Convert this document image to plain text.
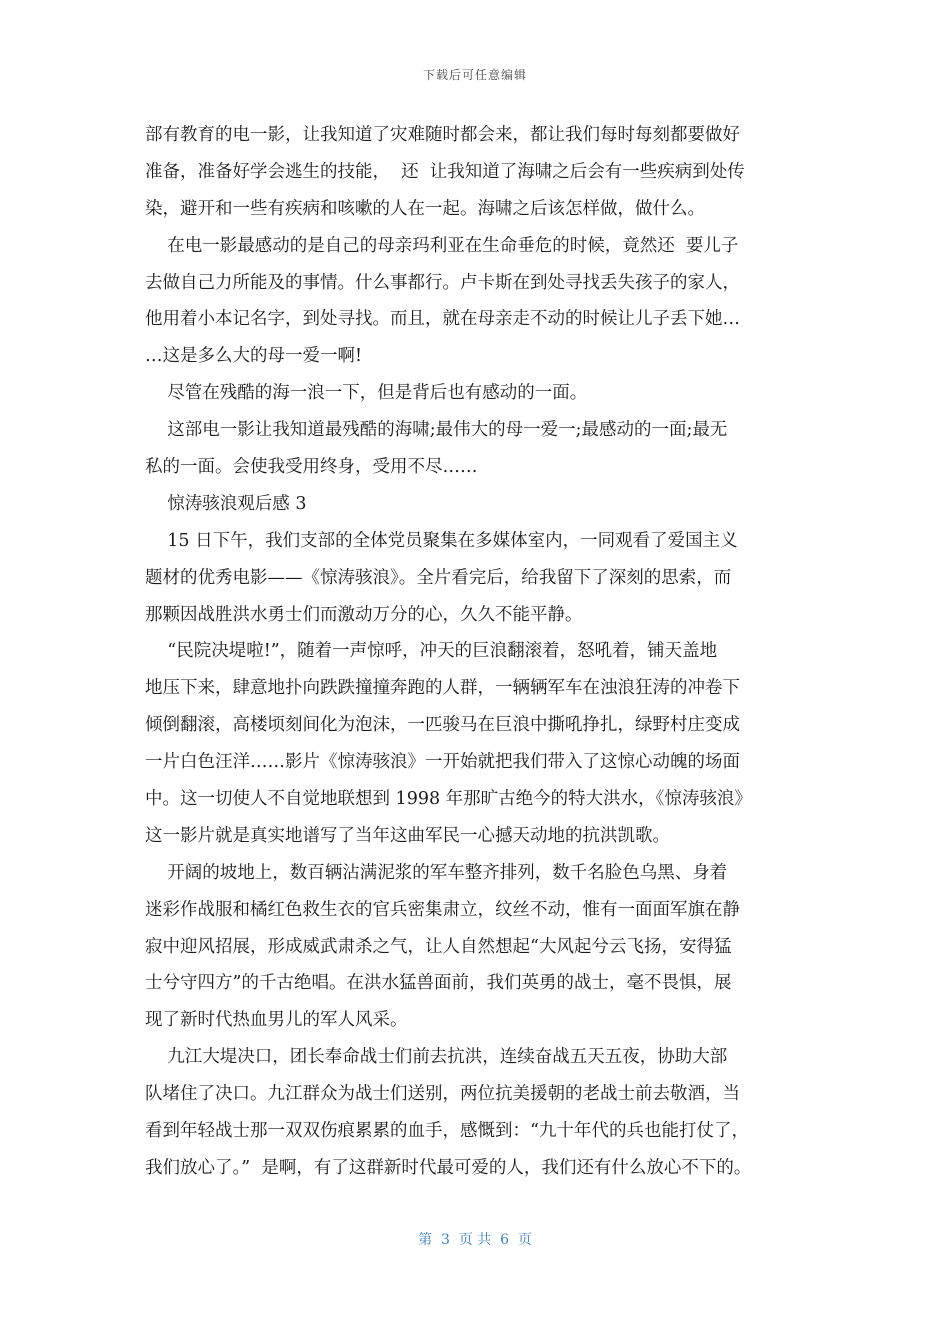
下载后可任意编辑
部有教育的电一影，让我知道了灾难随时都会来，都让我们每时每刻都要做好
准备，准备好学会逃生的技能，  还  让我知道了海啸之后会有一些疾病到处传
染，避开和一些有疾病和咳嗽的人在一起。海啸之后该怎样做，做什么。
在电一影最感动的是自己的母亲玛利亚在生命垂危的时候，竟然还  要儿子
去做自己力所能及的事情。什么事都行。卢卡斯在到处寻找丢失孩子的家人，
他用着小本记名字，到处寻找。而且，就在母亲走不动的时候让儿子丢下她…
…这是多么大的母一爱一啊!
尽管在残酷的海一浪一下，但是背后也有感动的一面。
这部电一影让我知道最残酷的海啸;最伟大的母一爱一;最感动的一面;最无
私的一面。会使我受用终身，受用不尽……
惊涛骇浪观后感 3
15 日下午，我们支部的全体党员聚集在多媒体室内，一同观看了爱国主义
题材的优秀电影——《惊涛骇浪》。全片看完后，给我留下了深刻的思索，而
那颗因战胜洪水勇士们而激动万分的心，久久不能平静。
“民院决堤啦!”，随着一声惊呼，冲天的巨浪翻滚着，怒吼着，铺天盖地
地压下来，肆意地扑向跌跌撞撞奔跑的人群，一辆辆军车在浊浪狂涛的冲卷下
倾倒翻滚，高楼顷刻间化为泡沫，一匹骏马在巨浪中撕吼挣扎，绿野村庄变成
一片白色汪洋……影片《惊涛骇浪》一开始就把我们带入了这惊心动魄的场面
中。这一切使人不自觉地联想到 1998 年那旷古绝今的特大洪水，《惊涛骇浪》
这一影片就是真实地谱写了当年这曲军民一心撼天动地的抗洪凯歌。
开阔的坡地上，数百辆沾满泥浆的军车整齐排列，数千名脸色乌黑、身着
迷彩作战服和橘红色救生衣的官兵密集肃立，纹丝不动，惟有一面面军旗在静
寂中迎风招展，形成威武肃杀之气，让人自然想起“大风起兮云飞扬，安得猛
士兮守四方”的千古绝唱。在洪水猛兽面前，我们英勇的战士，毫不畏惧，展
现了新时代热血男儿的军人风采。
九江大堤决口，团长奉命战士们前去抗洪，连续奋战五天五夜，协助大部
队堵住了决口。九江群众为战士们送别，两位抗美援朝的老战士前去敬酒，当
看到年轻战士那一双双伤痕累累的血手，感慨到：“九十年代的兵也能打仗了，
我们放心了。”  是啊，有了这群新时代最可爱的人，我们还有什么放心不下的。
第  3  页 共  6  页
